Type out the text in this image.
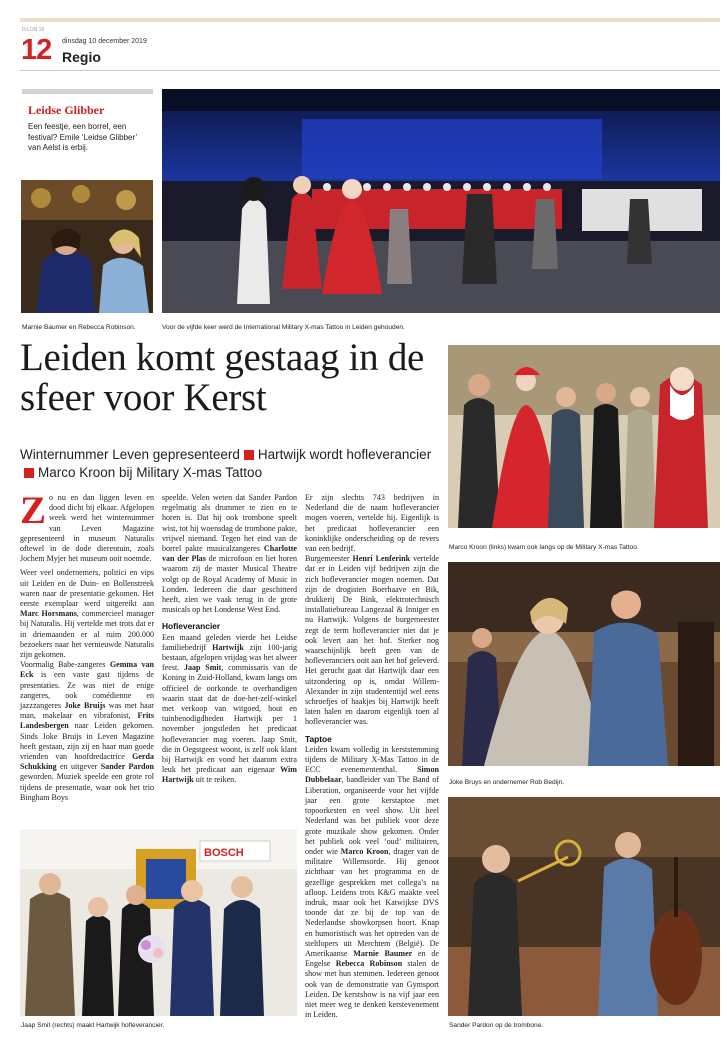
D-LDN 16
12 dinsdag 10 december 2019
Regio
Leidse Glibber
Een feestje, een borrel, een festival? Emile ‘Leidse Glibber’ van Aelst is erbij.
Marnie Baumer en Rebecca Robinson.	Voor de vijfde keer werd de International Military X-mas Tattoo in Leiden gehouden.
Leiden komt gestaag in de sfeer voor Kerst
Winternummer Leven gepresenteerd Hartwijk wordt hofleverancierMarco Kroon bij Military X-mas Tattoo

Zo nu en dan liggen leven en dood dicht bij elkaar. Afgelopen week werd het winternummer van Leven Magazine gepresenteerd in museum Naturalis oftewel in de dode dierentuin, zoals Jochem Myjer het museum ooit noemde.

Weer veel ondernemers, politici en vips uit Leiden en de Duin- en Bollenstreek waren naar de presentatie gekomen. Het eerste exemplaar werd uitgereikt aan Marc Horsmans, commercieel manager bij Naturalis. Hij vertelde met trots dat er in driemaanden er al ruim 200.000 bezoekers naar het vernieuwde Naturalis zijn gekomen.

Voormalig Babe-zangeres Gemma van Eck is een vaste gast tijdens de presentaties. Ze was niet de enige zangeres, ook comédienne en jazzzangeres Joke Bruijs was met haar man, makelaar en vibrafonist, Frits Landesbergen naar Leiden gekomen. Sinds Joke Bruijs in Leven Magazine heeft gestaan, zijn zij en haar man goede vrienden van hoofdredactrice Gerda Schukking en uitgever Sander Pardon geworden. Muziek speelde een grote rol tijdens de presentatie, waar ook het trio Bingham Boys

speelde. Velen weten dat Sander Pardon regelmatig als drummer te zien en te horen is. Dat hij ook trombone speelt wist, tot hij woensdag de trombone pakte, vrijwel niemand. Tegen het eind van de borrel pakte musicalzangeres Charlotte van der Plas de microfoon en liet horen waarom zij de master Musical Theatre volgt op de Royal Academy of Music in Londen. Iedereen die daar geschitterd heeft, zien we vaak terug in de grote musicals op het Londense West End.

Hofleverancier

Een maand geleden vierde het Leidse familiebedrijf Hartwijk zijn 100-jarig bestaan, afgelopen vrijdag was het alweer feest. Jaap Smit, commissaris van de Koning in Zuid-Holland, kwam langs om officieel de oorkonde te overhandigen waarin staat dat de doe-het-zelf-winkel met verkoop van witgoed, hout en tuinbenodigdheden Hartwijk per 1 november jongstleden het predicaat hofleverancier mag voeren. Jaap Smit, die in Oegstgeest woont, is zelf ook klant bij Hartwijk en vond het daarom extra leuk het predicaat aan eigenaar Wim Hartwijk uit te reiken.

Er zijn slechts 743 bedrijven in Nederland die de naam hofleverancier mogen voeren, vertelde hij. Eigenlijk is het predicaat hofleverancier een koninklijke onderscheiding op de revers van een bedrijf.

Burgemeester Henri Lenferink vertelde dat er in Leiden vijf bedrijven zijn die zich hofleverancier mogen noemen. Dat zijn de drogisten Boerhaave en Bik, drukkerij De Bink, elektrotechnisch installatiebureau Langezaal & Inniger en nu Hartwijk. Volgens de burgemeester zegt de term hofleverancier niet dat je ook levert aan het hof. Sterker nog waarschijnlijk heeft geen van de hofleveranciers ooit aan het hof geleverd. Het gerucht gaat dat Hartwijk daar een uitzondering op is, omdat Willem-Alexander in zijn studententijd wel eens schroefjes of haakjes bij Hartwijk heeft laten halen en daarom eigenlijk toen al hofleverancier was.

Taptoe

Leiden kwam volledig in kerststemming tijdens de Military X-Mas Tattoo in de ECC evenemententhal. Simon Dubbelaar, bandleider van The Band of Liberation, organiseerde voor het vijfde jaar een grote kerstaptoe met topoorkesten en veel show. Uit heel Nederland was het publiek voor deze grote muzikale show gekomen. Onder het publiek ook veel ‘oud’ militairen, onder wie Marco Kroon, drager van de militaire Willemsorde. Hij genoot zichtbaar van het programma en de gezellige gesprekken met collega’s na afloop. Leidens trots K&G maakte veel indruk, maar ook het Katwijkse DVS toonde dat ze bij de top van de Nederlandse showkorpsen hoort. Knap en humoristisch was het optreden van de steltlopers uit Merchtem (België). De Amerikaanse Marnie Baumer en de Engelse Rebecca Robinson stalen de show met hun stemmen. Iedereen genoot ook van de demonstratie van Gymsport Leiden. De kerstshow is na vijf jaar een niet meer weg te denken kerstevenement in Leiden.

BOSCH
Jaap Smit (rechts) maakt Hartwijk hofleverancier.
Marco Kroon (links) kwam ook langs op de Military X-mas Tattoo.
Joke Bruys en ondernemer Rob Bedijn.
Sander Pardon op de trombone.
